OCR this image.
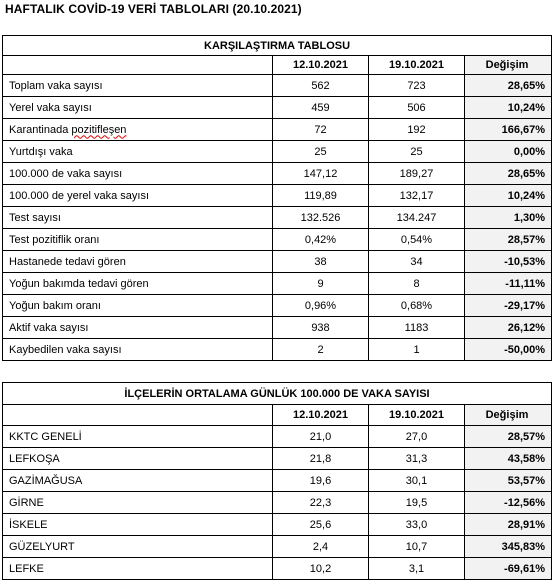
HAFTALIK COVİD-19 VERİ TABLOLARI (20.10.2021)
KARŞILAŞTIRMA TABLOSU			
	12.10.2021	19.10.2021	Değişim
Toplam vaka sayısı	562	723	28,65%
Yerel vaka sayısı	459	506	10,24%
Karantinada pozitifleşen	72	192	166,67%
Yurtdışı vaka	25	25	0,00%
100.000 de vaka sayısı	147,12	189,27	28,65%
100.000 de yerel vaka sayısı	119,89	132,17	10,24%
Test sayısı	132.526	134.247	1,30%
Test pozitiflik oranı	0,42%	0,54%	28,57%
Hastanede tedavi gören	38	34	-10,53%
Yoğun bakımda tedavi gören	9	8	-11,11%
Yoğun bakım oranı	0,96%	0,68%	-29,17%
Aktif vaka sayısı	938	1183	26,12%
Kaybedilen vaka sayısı	2	1	-50,00%
İLÇELERİN ORTALAMA GÜNLÜK 100.000 DE VAKA SAYISI			
	12.10.2021	19.10.2021	Değişim
KKTC GENELİ	21,0	27,0	28,57%
LEFKOŞA	21,8	31,3	43,58%
GAZİMAĞUSA	19,6	30,1	53,57%
GİRNE	22,3	19,5	-12,56%
İSKELE	25,6	33,0	28,91%
GÜZELYURT	2,4	10,7	345,83%
LEFKE	10,2	3,1	-69,61%
